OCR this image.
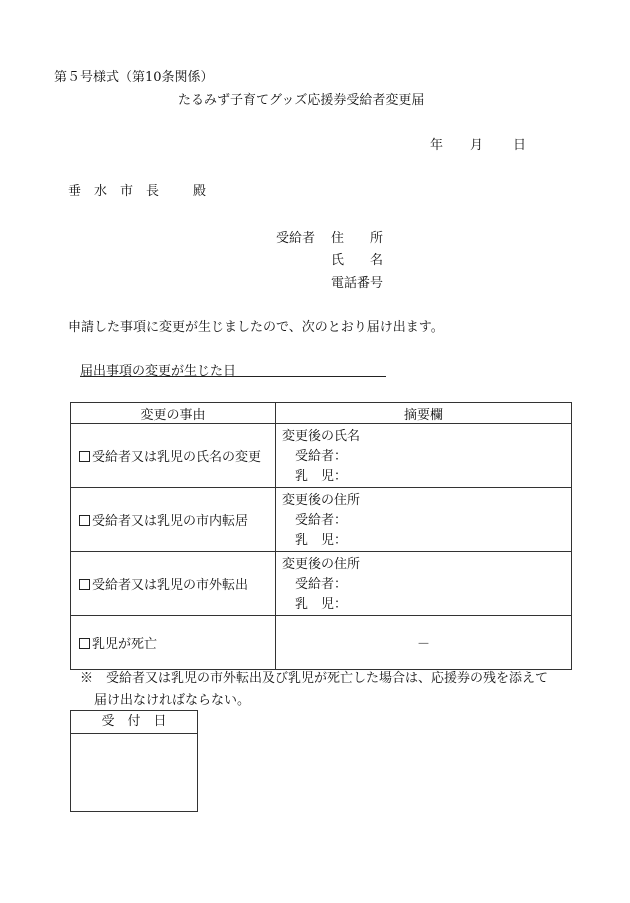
第５号様式（第10条関係）
たるみず子育てグッズ応援券受給者変更届
年 月 日
垂　水　市　長	殿
受給者 住　　所
氏　　名
電話番号
申請した事項に変更が生じましたので、次のとおり届け出ます。
届出事項の変更が生じた日
変更の事由	摘要欄
受給者又は乳児の氏名の変更	変更後の氏名
受給者：
乳　児：

受給者又は乳児の市内転居	変更後の住所
受給者：
乳　児：

受給者又は乳児の市外転出	変更後の住所
受給者：
乳　児：

乳児が死亡	－
※　受給者又は乳児の市外転出及び乳児が死亡した場合は、応援券の残を添えて
届け出なければならない。
受　付　日
